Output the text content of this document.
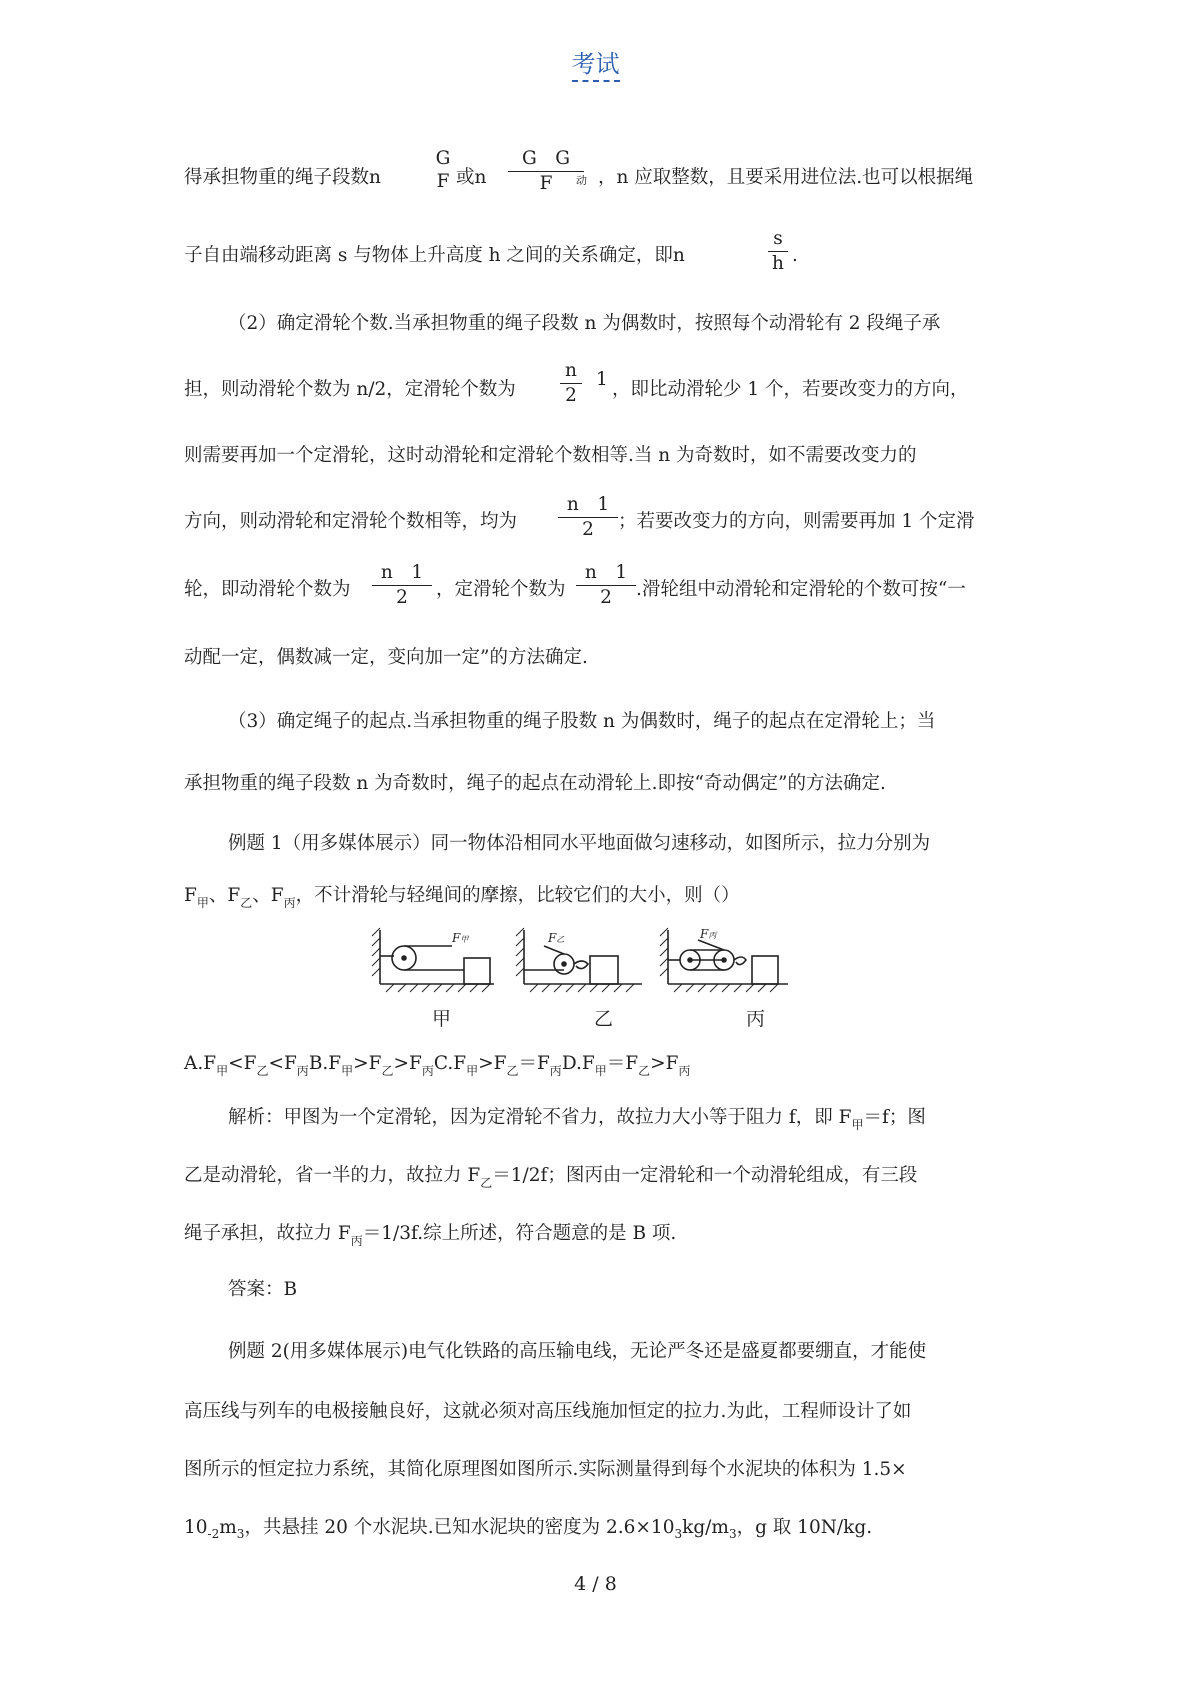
考试
得承担物重的绳子段数n
G
F 或n
G　G
F	动 ，n 应取整数，且要采用进位法.也可以根据绳
子自由端移动距离 s 与物体上升高度 h 之间的关系确定，即n
s
h .
（2）确定滑轮个数.当承担物重的绳子段数 n 为偶数时，按照每个动滑轮有 2 段绳子承
担，则动滑轮个数为 n/2，定滑轮个数为
n
2
1 ，即比动滑轮少 1 个，若要改变力的方向，
则需要再加一个定滑轮，这时动滑轮和定滑轮个数相等.当 n 为奇数时，如不需要改变力的
方向，则动滑轮和定滑轮个数相等，均为
n　1
2	；若要改变力的方向，则需要再加 1 个定滑
轮，即动滑轮个数为
n　1
2	，定滑轮个数为
n　1
2	.滑轮组中动滑轮和定滑轮的个数可按“一
动配一定，偶数减一定，变向加一定”的方法确定.
（3）确定绳子的起点.当承担物重的绳子股数 n 为偶数时，绳子的起点在定滑轮上；当
承担物重的绳子段数 n 为奇数时，绳子的起点在动滑轮上.即按“奇动偶定”的方法确定.
例题 1（用多媒体展示）同一物体沿相同水平地面做匀速移动，如图所示，拉力分别为
$F_甲$、$F_乙$、$F_丙$，不计滑轮与轻绳间的摩擦，比较它们的大小，则（）
F甲	F乙	F丙
甲	乙	丙
$A.F_甲<F_乙<F_丙B.F_甲>F_乙>F_丙C.F_甲>F_乙=F_丙D.F_甲=F_乙>F_丙$
解析：甲图为一个定滑轮，因为定滑轮不省力，故拉力大小等于阻力 f，即 $F_甲=f$；图
乙是动滑轮，省一半的力，故拉力 $F_乙=1/2f$；图丙由一定滑轮和一个动滑轮组成，有三段
绳子承担，故拉力 $F_丙=1/3f$.综上所述，符合题意的是 B 项.
答案：B
例题 2(用多媒体展示)电气化铁路的高压输电线，无论严冬还是盛夏都要绷直，才能使
高压线与列车的电极接触良好，这就必须对高压线施加恒定的拉力.为此，工程师设计了如
图所示的恒定拉力系统，其简化原理图如图所示.实际测量得到每个水泥块的体积为 1.5×
$10_{-2}m_3$，共悬挂 20 个水泥块.已知水泥块的密度为 $2.6\times 10_3kg/m_3$，g 取 10N/kg.
4 / 8
